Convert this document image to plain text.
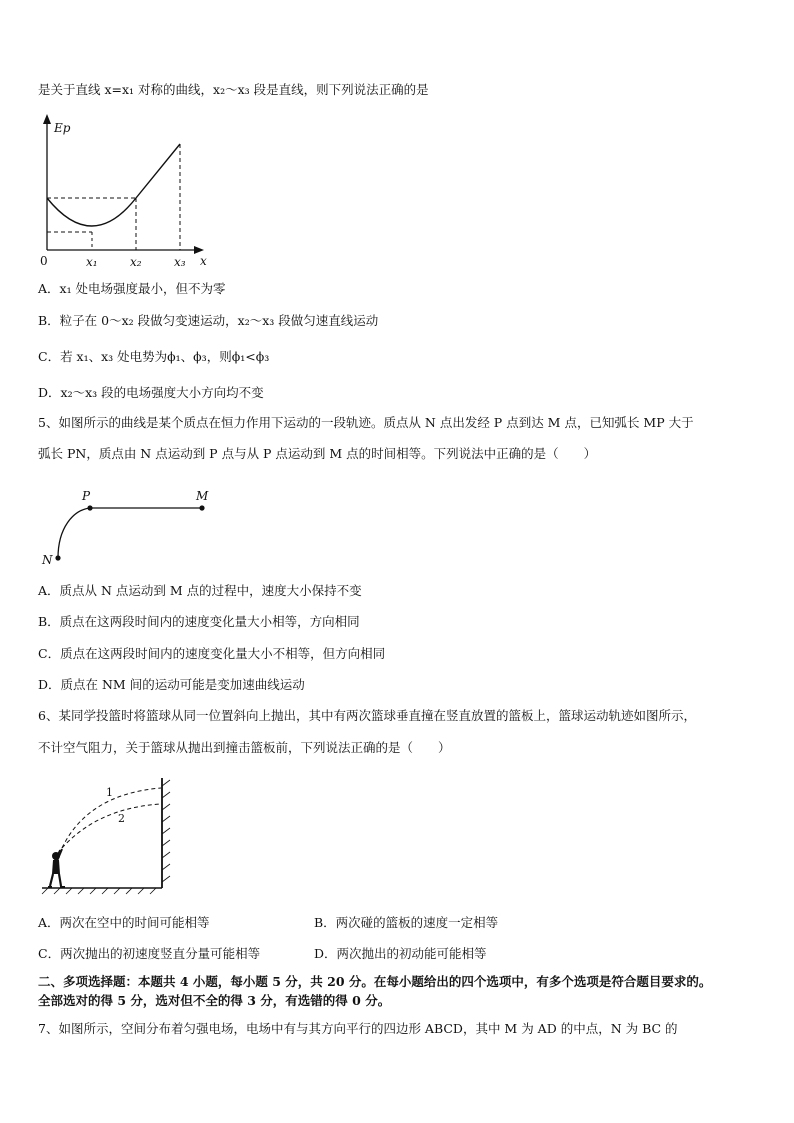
是关于直线 x=x₁ 对称的曲线，x₂～x₃ 段是直线，则下列说法正确的是
Ep
0	x₁	x₂	x₃ x
A．x₁ 处电场强度最小，但不为零
B．粒子在 0～x₂ 段做匀变速运动，x₂～x₃ 段做匀速直线运动
C．若 x₁、x₃ 处电势为ϕ₁、ϕ₃，则ϕ₁<ϕ₃
D．x₂～x₃ 段的电场强度大小方向均不变
5、如图所示的曲线是某个质点在恒力作用下运动的一段轨迹。质点从 N 点出发经 P 点到达 M 点，已知弧长 MP 大于
弧长 PN，质点由 N 点运动到 P 点与从 P 点运动到 M 点的时间相等。下列说法中正确的是（　　）
P	M
N
A．质点从 N 点运动到 M 点的过程中，速度大小保持不变
B．质点在这两段时间内的速度变化量大小相等，方向相同
C．质点在这两段时间内的速度变化量大小不相等，但方向相同
D．质点在 NM 间的运动可能是变加速曲线运动
6、某同学投篮时将篮球从同一位置斜向上抛出，其中有两次篮球垂直撞在竖直放置的篮板上，篮球运动轨迹如图所示，
不计空气阻力，关于篮球从抛出到撞击篮板前，下列说法正确的是（　　）
1
2
A．两次在空中的时间可能相等	B．两次碰的篮板的速度一定相等
C．两次抛出的初速度竖直分量可能相等	D．两次抛出的初动能可能相等
二、多项选择题：本题共 4 小题，每小题 5 分，共 20 分。在每小题给出的四个选项中，有多个选项是符合题目要求的。
全部选对的得 5 分，选对但不全的得 3 分，有选错的得 0 分。
7、如图所示，空间分布着匀强电场，电场中有与其方向平行的四边形 ABCD，其中 M 为 AD 的中点，N 为 BC 的
